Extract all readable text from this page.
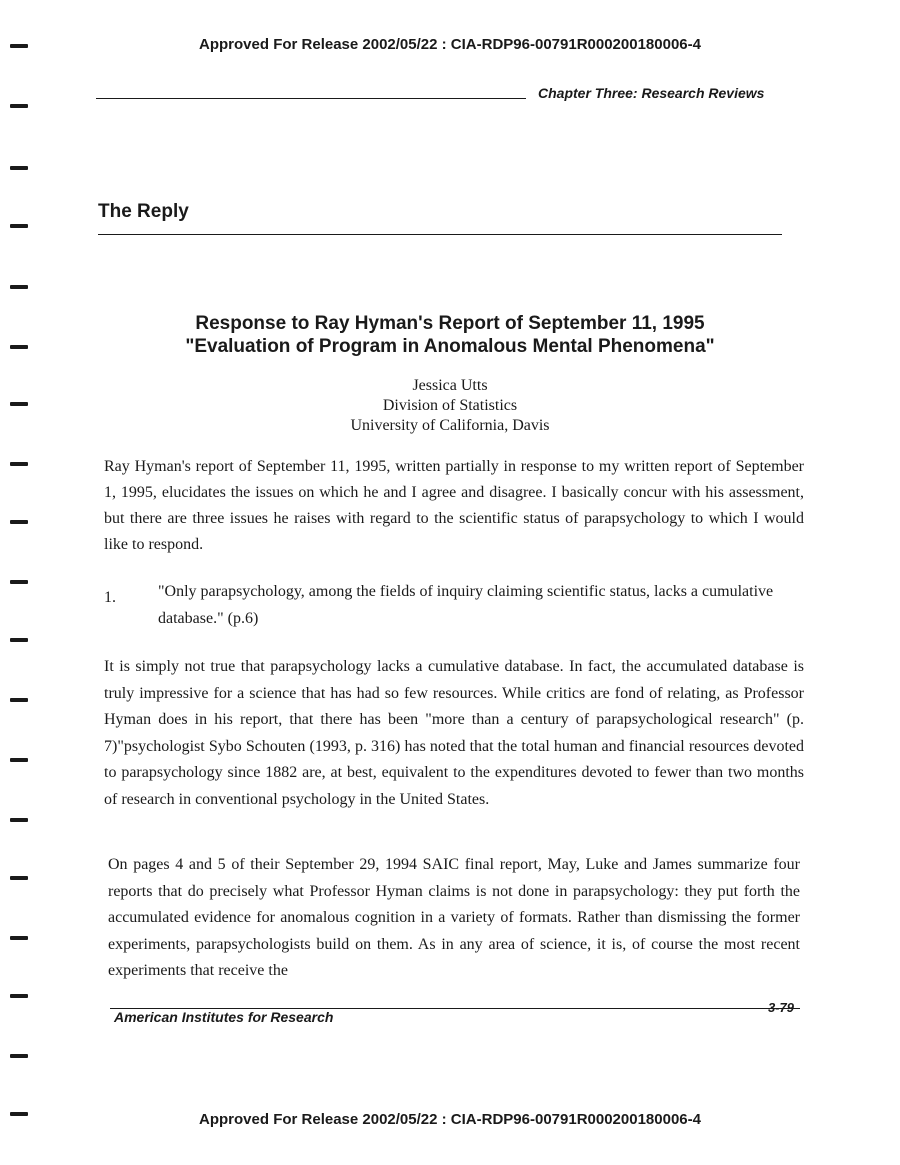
Approved For Release 2002/05/22 : CIA-RDP96-00791R000200180006-4
Chapter Three: Research Reviews
The Reply
Response to Ray Hyman's Report of September 11, 1995
"Evaluation of Program in Anomalous Mental Phenomena"
Jessica Utts
Division of Statistics
University of California, Davis
Ray Hyman's report of September 11, 1995, written partially in response to my written report of September 1, 1995, elucidates the issues on which he and I agree and disagree. I basically concur with his assessment, but there are three issues he raises with regard to the scientific status of parapsychology to which I would like to respond.
1.	"Only parapsychology, among the fields of inquiry claiming scientific status, lacks a cumulative database." (p.6)
It is simply not true that parapsychology lacks a cumulative database. In fact, the accumulated database is truly impressive for a science that has had so few resources. While critics are fond of relating, as Professor Hyman does in his report, that there has been "more than a century of parapsychological research" (p. 7)"psychologist Sybo Schouten (1993, p. 316) has noted that the total human and financial resources devoted to parapsychology since 1882 are, at best, equivalent to the expenditures devoted to fewer than two months of research in conventional psychology in the United States.
On pages 4 and 5 of their September 29, 1994 SAIC final report, May, Luke and James summarize four reports that do precisely what Professor Hyman claims is not done in parapsychology: they put forth the accumulated evidence for anomalous cognition in a variety of formats. Rather than dismissing the former experiments, parapsychologists build on them. As in any area of science, it is, of course the most recent experiments that receive the
American Institutes for Research
3-79
Approved For Release 2002/05/22 : CIA-RDP96-00791R000200180006-4
